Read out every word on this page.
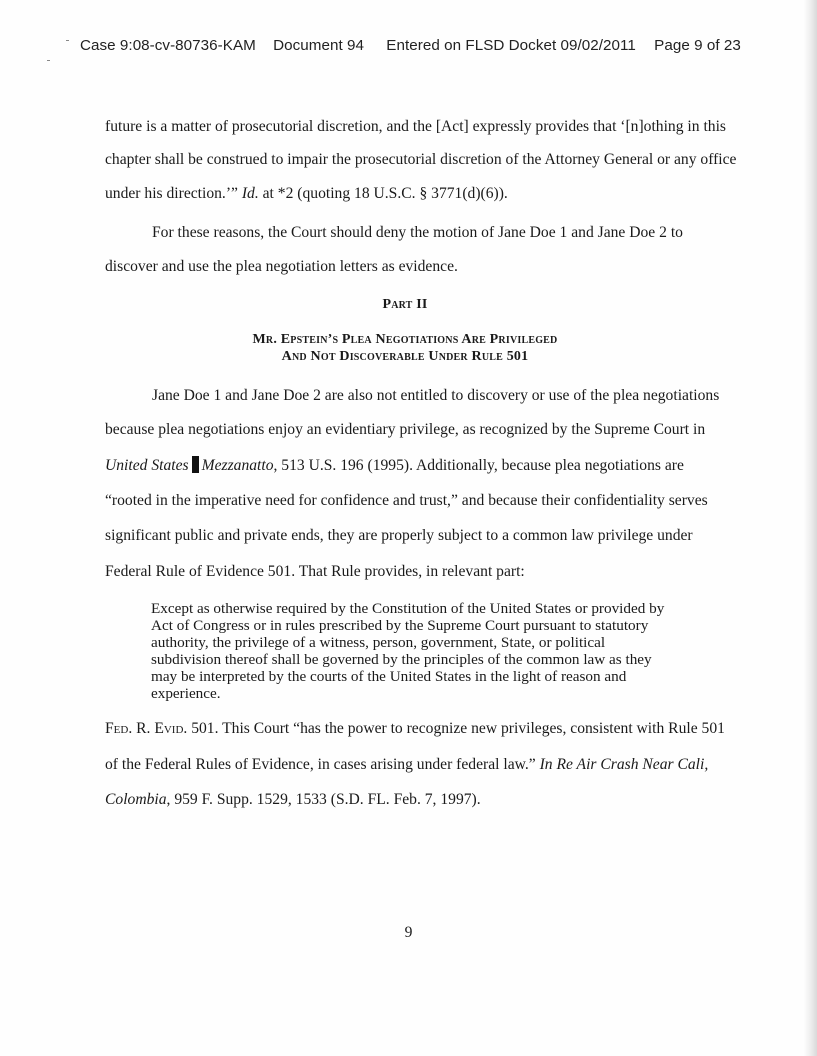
Case 9:08-cv-80736-KAM Document 94 Entered on FLSD Docket 09/02/2011 Page 9 of 23
future is a matter of prosecutorial discretion, and the [Act] expressly provides that ‘[n]othing in this
chapter shall be construed to impair the prosecutorial discretion of the Attorney General or any office
under his direction.’” Id. at *2 (quoting 18 U.S.C. § 3771(d)(6)).
For these reasons, the Court should deny the motion of Jane Doe 1 and Jane Doe 2 to
discover and use the plea negotiation letters as evidence.
Part II
Mr. Epstein’s Plea Negotiations Are Privileged
And Not Discoverable Under Rule 501
Jane Doe 1 and Jane Doe 2 are also not entitled to discovery or use of the plea negotiations
because plea negotiations enjoy an evidentiary privilege, as recognized by the Supreme Court in
United States Mezzanatto, 513 U.S. 196 (1995). Additionally, because plea negotiations are
“rooted in the imperative need for confidence and trust,” and because their confidentiality serves
significant public and private ends, they are properly subject to a common law privilege under
Federal Rule of Evidence 501. That Rule provides, in relevant part:
Except as otherwise required by the Constitution of the United States or provided by
Act of Congress or in rules prescribed by the Supreme Court pursuant to statutory
authority, the privilege of a witness, person, government, State, or political
subdivision thereof shall be governed by the principles of the common law as they
may be interpreted by the courts of the United States in the light of reason and
experience.
Fed. R. Evid. 501. This Court “has the power to recognize new privileges, consistent with Rule 501
of the Federal Rules of Evidence, in cases arising under federal law.” In Re Air Crash Near Cali,
Colombia, 959 F. Supp. 1529, 1533 (S.D. FL. Feb. 7, 1997).
9
